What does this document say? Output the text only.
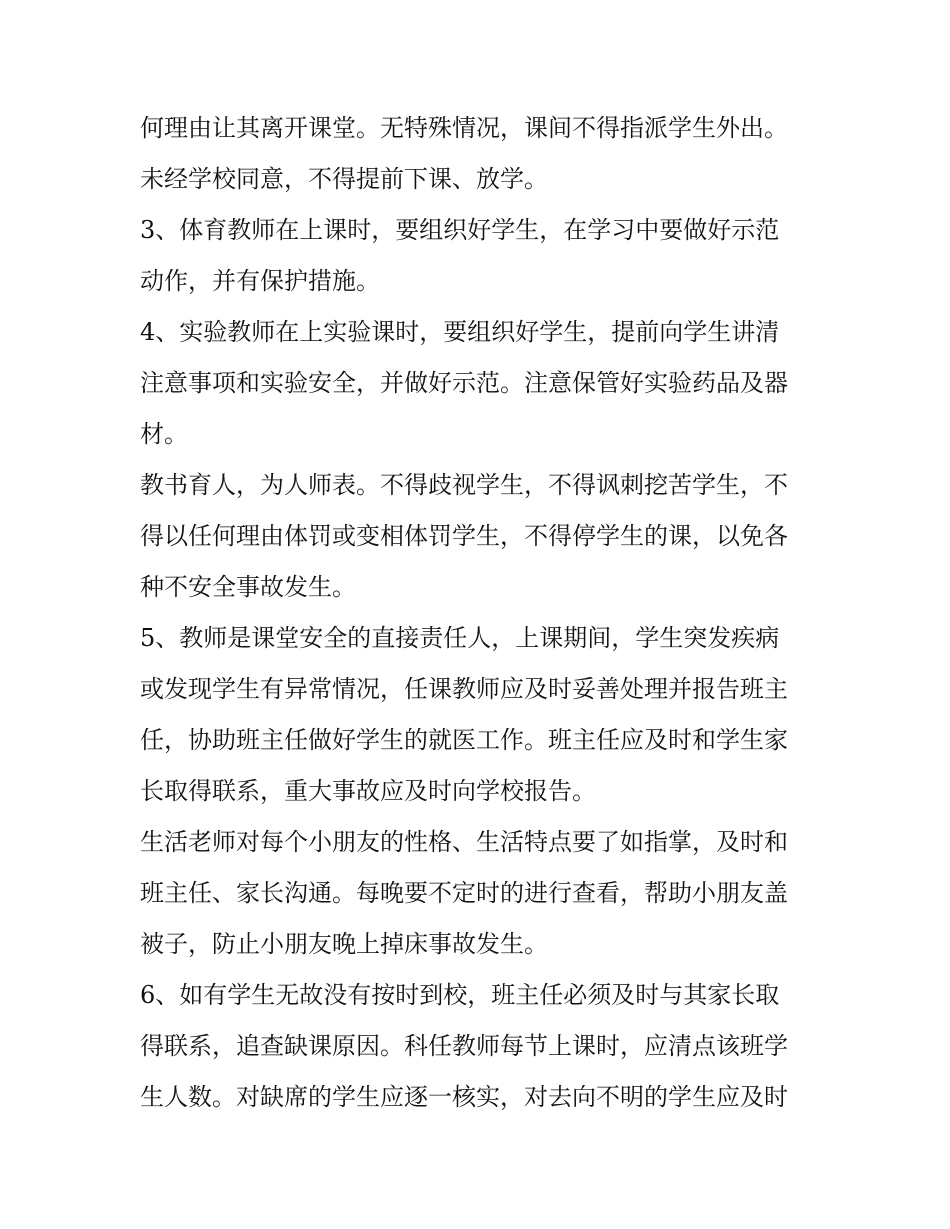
何理由让其离开课堂。无特殊情况，课间不得指派学生外出。
未经学校同意，不得提前下课、放学。
3、体育教师在上课时，要组织好学生，在学习中要做好示范
动作，并有保护措施。
4、实验教师在上实验课时，要组织好学生，提前向学生讲清
注意事项和实验安全，并做好示范。注意保管好实验药品及器
材。
教书育人，为人师表。不得歧视学生，不得讽刺挖苦学生，不
得以任何理由体罚或变相体罚学生，不得停学生的课，以免各
种不安全事故发生。
5、教师是课堂安全的直接责任人，上课期间，学生突发疾病
或发现学生有异常情况，任课教师应及时妥善处理并报告班主
任，协助班主任做好学生的就医工作。班主任应及时和学生家
长取得联系，重大事故应及时向学校报告。
生活老师对每个小朋友的性格、生活特点要了如指掌，及时和
班主任、家长沟通。每晚要不定时的进行查看，帮助小朋友盖
被子，防止小朋友晚上掉床事故发生。
6、如有学生无故没有按时到校，班主任必须及时与其家长取
得联系，追查缺课原因。科任教师每节上课时，应清点该班学
生人数。对缺席的学生应逐一核实，对去向不明的学生应及时
